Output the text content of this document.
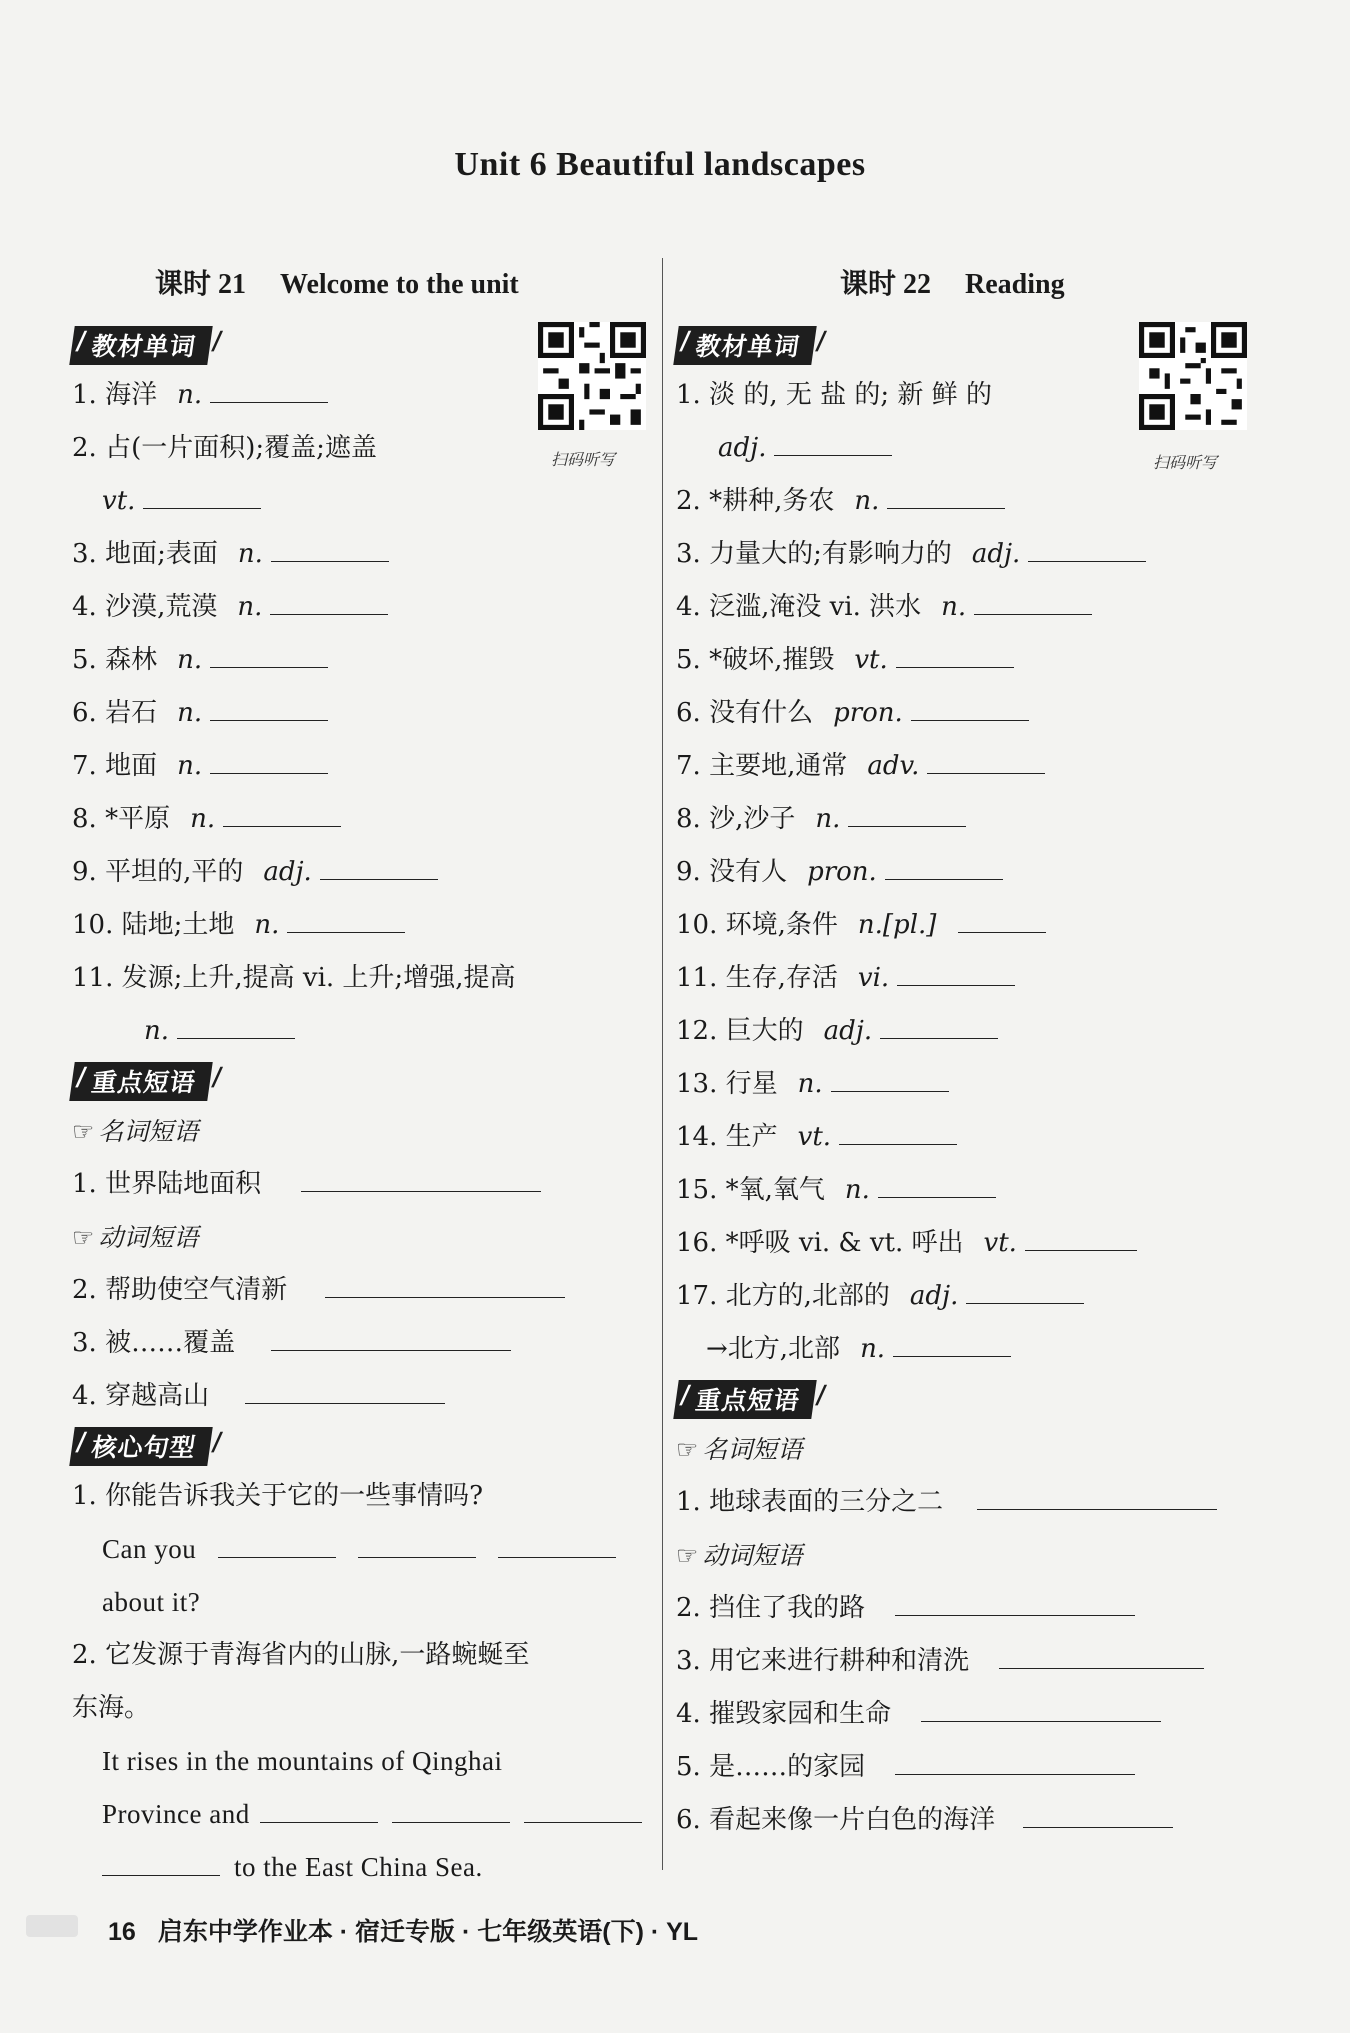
Unit 6 Beautiful landscapes
课时 21 Welcome to the unit	课时 22 Reading
扫码听写	扫码听写
/ 教材单词 /
1. 海洋 n.
2. 占(一片面积);覆盖;遮盖
vt.
3. 地面;表面 n.
4. 沙漠,荒漠 n.
5. 森林 n.
6. 岩石 n.
7. 地面 n.
8. *平原 n.
9. 平坦的,平的 adj.
10. 陆地;土地 n.
11. 发源;上升,提高 vi. 上升;增强,提高
n.
/ 重点短语 /
☞ 名词短语
1. 世界陆地面积
☞ 动词短语
2. 帮助使空气清新
3. 被……覆盖
4. 穿越高山
/ 核心句型 /
1. 你能告诉我关于它的一些事情吗?
Can you
about it?
2. 它发源于青海省内的山脉,一路蜿蜒至
东海。
It rises in the mountains of Qinghai
Province and
to the East China Sea.
/ 教材单词 /
1. 淡 的, 无 盐 的; 新 鲜 的
adj.
2. *耕种,务农 n.
3. 力量大的;有影响力的 adj.
4. 泛滥,淹没 vi. 洪水 n.
5. *破坏,摧毁 vt.
6. 没有什么 pron.
7. 主要地,通常 adv.
8. 沙,沙子 n.
9. 没有人 pron.
10. 环境,条件 n.[pl.]
11. 生存,存活 vi.
12. 巨大的 adj.
13. 行星 n.
14. 生产 vt.
15. *氧,氧气 n.
16. *呼吸 vi. & vt. 呼出 vt.
17. 北方的,北部的 adj.
→北方,北部 n.
/ 重点短语 /
☞ 名词短语
1. 地球表面的三分之二
☞ 动词短语
2. 挡住了我的路
3. 用它来进行耕种和清洗
4. 摧毁家园和生命
5. 是……的家园
6. 看起来像一片白色的海洋
16 启东中学作业本 · 宿迁专版 · 七年级英语(下) · YL
